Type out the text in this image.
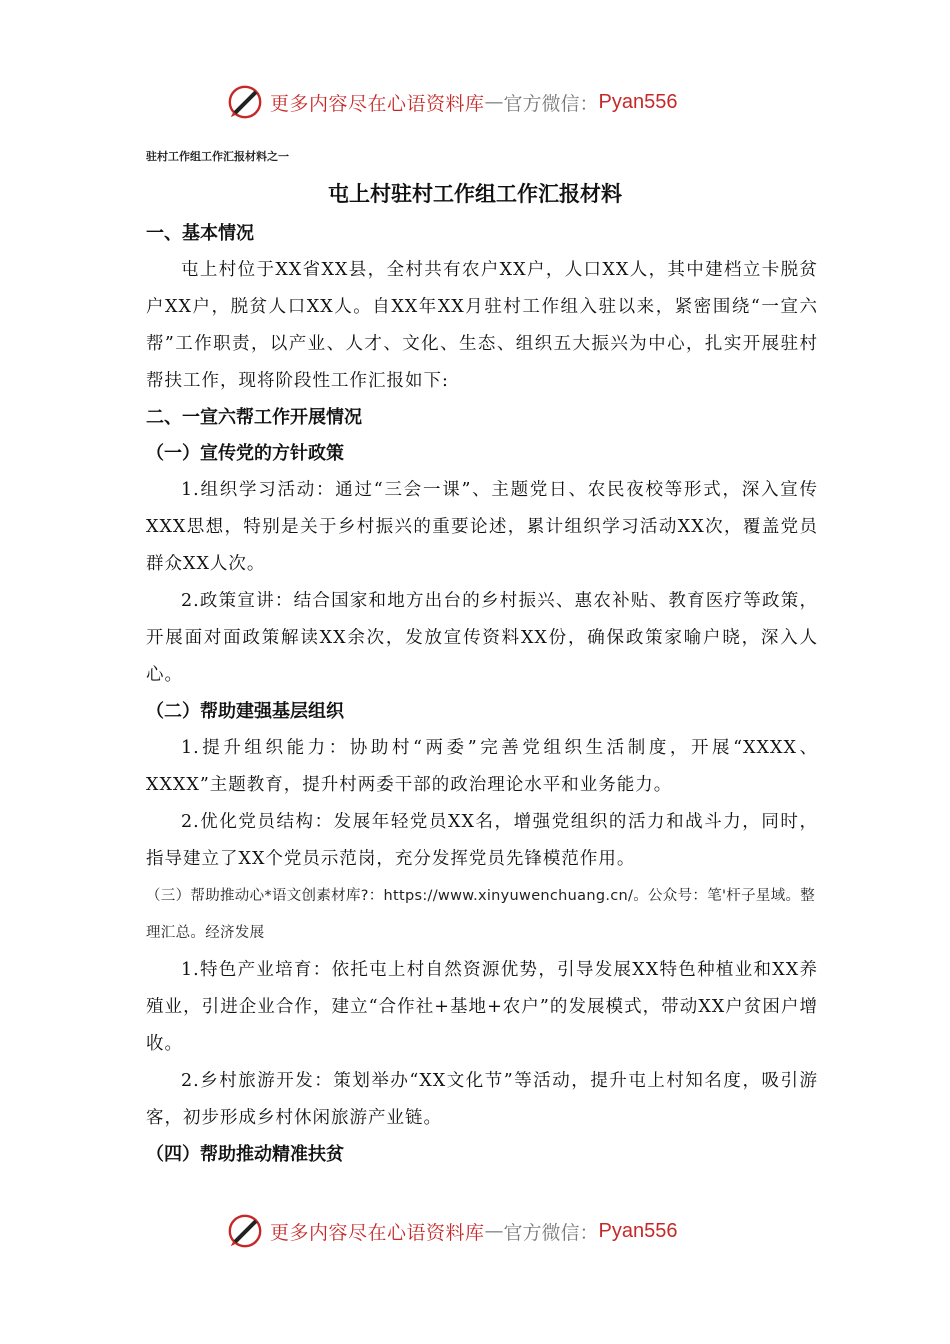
更多内容尽在心语资料库 — 官方微信： Pyan556
驻村工作组工作汇报材料之一
屯上村驻村工作组工作汇报材料
一、基本情况

屯上村位于XX省XX县，全村共有农户XX户，人口XX人，其中建档立卡脱贫户XX户，脱贫人口XX人。自XX年XX月驻村工作组入驻以来，紧密围绕“一宣六帮”工作职责，以产业、人才、文化、生态、组织五大振兴为中心，扎实开展驻村帮扶工作，现将阶段性工作汇报如下:

二、一宣六帮工作开展情况
（一）宣传党的方针政策

1.组织学习活动：通过“三会一课”、主题党日、农民夜校等形式，深入宣传XXX思想，特别是关于乡村振兴的重要论述，累计组织学习活动XX次，覆盖党员群众XX人次。

2.政策宣讲：结合国家和地方出台的乡村振兴、惠农补贴、教育医疗等政策，开展面对面政策解读XX余次，发放宣传资料XX份，确保政策家喻户晓，深入人心。

（二）帮助建强基层组织

1.提升组织能力：协助村“两委”完善党组织生活制度，开展“XXXX、XXXX”主题教育，提升村两委干部的政治理论水平和业务能力。

2.优化党员结构：发展年轻党员XX名，增强党组织的活力和战斗力，同时，指导建立了XX个党员示范岗，充分发挥党员先锋模范作用。

（三）帮助推动心*语文创素材库?：https://www.xinyuwenchuang.cn/。公众号：笔'杆子星域。整理汇总。经济发展

1.特色产业培育：依托屯上村自然资源优势，引导发展XX特色种植业和XX养殖业，引进企业合作，建立“合作社+基地+农户”的发展模式，带动XX户贫困户增收。

2.乡村旅游开发：策划举办“XX文化节”等活动，提升屯上村知名度，吸引游客，初步形成乡村休闲旅游产业链。

（四）帮助推动精准扶贫
更多内容尽在心语资料库 — 官方微信： Pyan556
